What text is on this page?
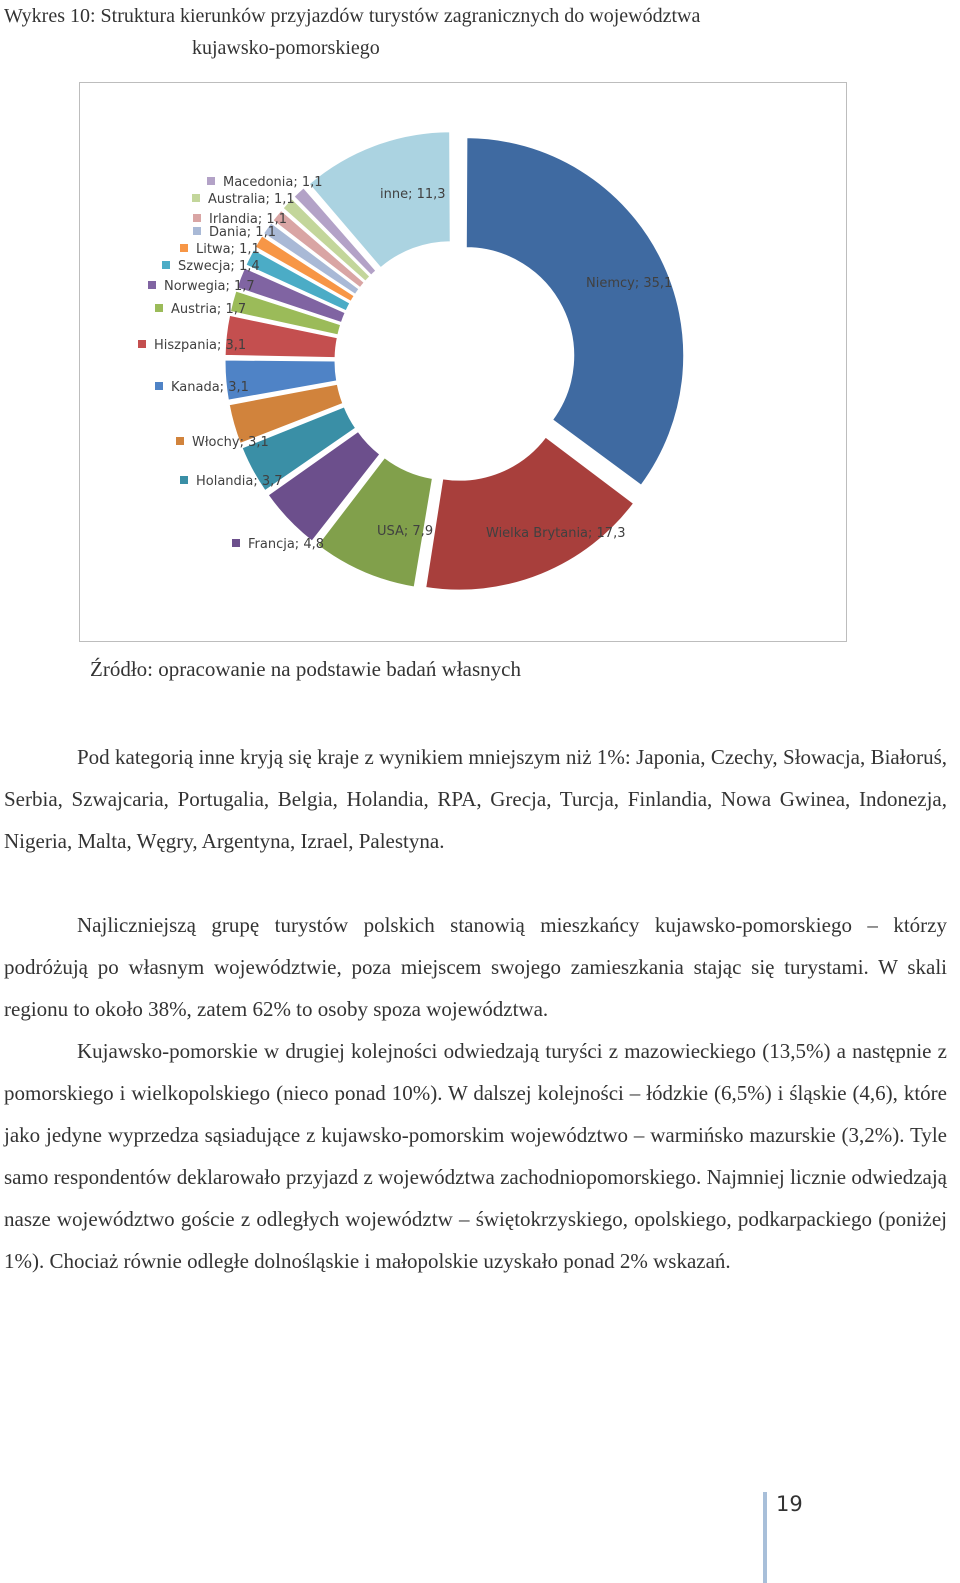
Wykres 10: Struktura kierunków przyjazdów turystów zagranicznych do województwa
kujawsko-pomorskiego
Niemcy; 35,1
Wielka Brytania; 17,3
USA; 7,9
Francja; 4,8
Holandia; 3,7
Włochy; 3,1
Kanada; 3,1
Hiszpania; 3,1
Austria; 1,7
Norwegia; 1,7
Szwecja; 1,4
Litwa; 1,1
Dania; 1,1
Irlandia; 1,1
Australia; 1,1
Macedonia; 1,1
inne; 11,3
Źródło: opracowanie na podstawie badań własnych

Pod kategorią inne kryją się kraje z wynikiem mniejszym niż 1%: Japonia, Czechy, Słowacja, Białoruś, Serbia, Szwajcaria, Portugalia, Belgia, Holandia, RPA, Grecja, Turcja, Finlandia, Nowa Gwinea, Indonezja, Nigeria, Malta, Węgry, Argentyna, Izrael, Palestyna.

Najliczniejszą grupę turystów polskich stanowią mieszkańcy kujawsko-pomorskiego – którzy podróżują po własnym województwie, poza miejscem swojego zamieszkania stając się turystami. W skali regionu to około 38%, zatem 62% to osoby spoza województwa.

Kujawsko-pomorskie w drugiej kolejności odwiedzają turyści z mazowieckiego (13,5%) a następnie z pomorskiego i wielkopolskiego (nieco ponad 10%). W dalszej kolejności – łódzkie (6,5%) i śląskie (4,6), które jako jedyne wyprzedza sąsiadujące z kujawsko-pomorskim województwo – warmińsko mazurskie (3,2%). Tyle samo respondentów deklarowało przyjazd z województwa zachodniopomorskiego. Najmniej licznie odwiedzają nasze województwo goście z odległych województw – świętokrzyskiego, opolskiego, podkarpackiego (poniżej 1%). Chociaż równie odległe dolnośląskie i małopolskie uzyskało ponad 2% wskazań.

19
